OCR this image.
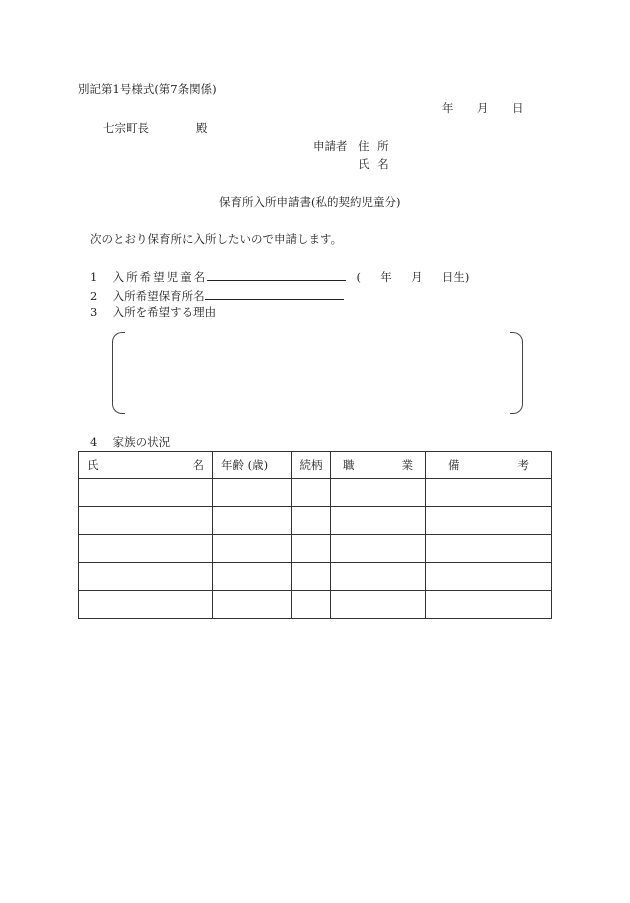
別記第1号様式(第7条関係)
年 月 日
七宗町長	殿
申請者 住 所
氏 名
保育所入所申請書(私的契約児童分)
次のとおり保育所に入所したいので申請します。
1 入所希望児童名	( 年 月 日生)
2 入所希望保育所名
3 入所を希望する理由
4 家族の状況
氏 名	年齢 (歳)	続柄	職 業	備 考
